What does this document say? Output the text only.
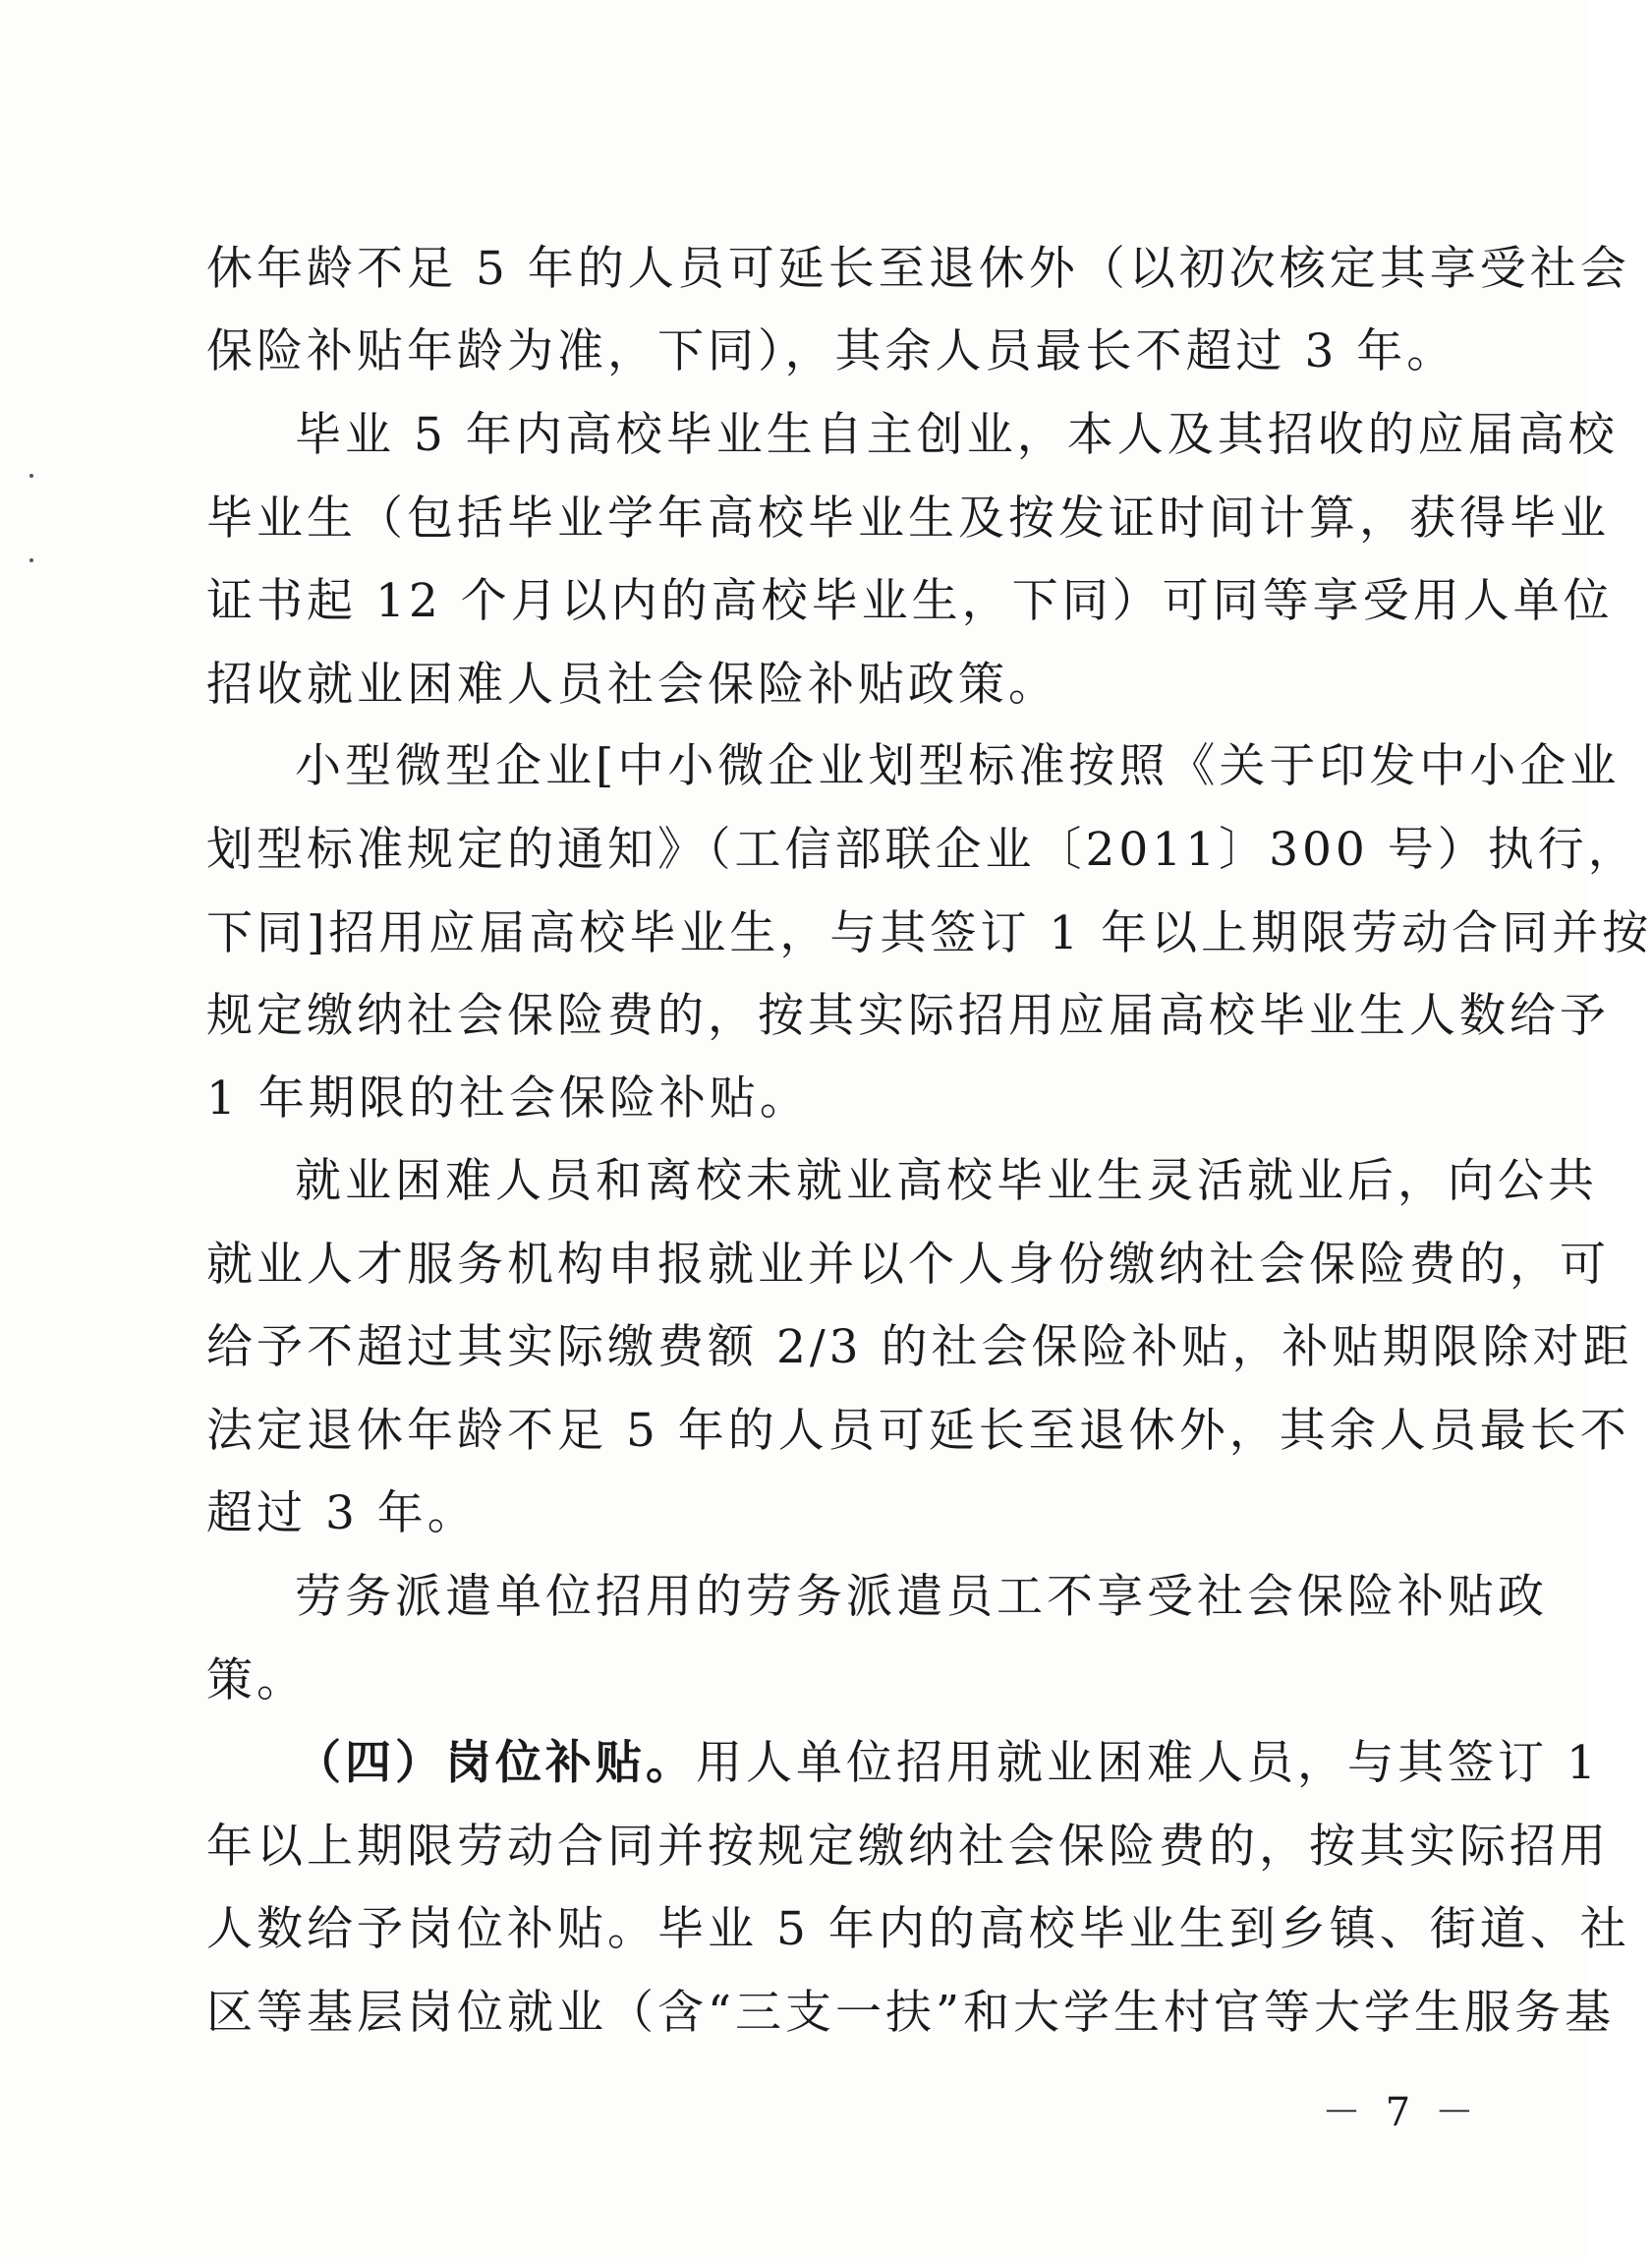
休年龄不足 5 年的人员可延长至退休外（以初次核定其享受社会
保险补贴年龄为准，下同），其余人员最长不超过 3 年。
毕业 5 年内高校毕业生自主创业，本人及其招收的应届高校
毕业生（包括毕业学年高校毕业生及按发证时间计算，获得毕业
证书起 12 个月以内的高校毕业生，下同）可同等享受用人单位
招收就业困难人员社会保险补贴政策。
小型微型企业[中小微企业划型标准按照《关于印发中小企业
划型标准规定的通知》（工信部联企业〔2011〕300 号）执行，
下同]招用应届高校毕业生，与其签订 1 年以上期限劳动合同并按
规定缴纳社会保险费的，按其实际招用应届高校毕业生人数给予
1 年期限的社会保险补贴。
就业困难人员和离校未就业高校毕业生灵活就业后，向公共
就业人才服务机构申报就业并以个人身份缴纳社会保险费的，可
给予不超过其实际缴费额 2/3 的社会保险补贴，补贴期限除对距
法定退休年龄不足 5 年的人员可延长至退休外，其余人员最长不
超过 3 年。
劳务派遣单位招用的劳务派遣员工不享受社会保险补贴政
策。
（四）岗位补贴。用人单位招用就业困难人员，与其签订 1
年以上期限劳动合同并按规定缴纳社会保险费的，按其实际招用
人数给予岗位补贴。毕业 5 年内的高校毕业生到乡镇、街道、社
区等基层岗位就业（含“三支一扶”和大学生村官等大学生服务基
－ 7 －
